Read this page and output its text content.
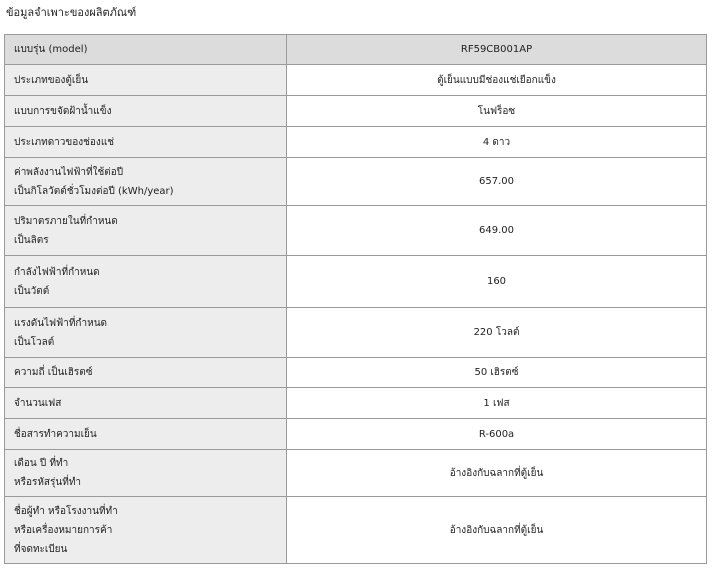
ข้อมูลจำเพาะของผลิตภัณฑ์
แบบรุ่น (model)	RF59CB001AP
ประเภทของตู้เย็น	ตู้เย็นแบบมีช่องแช่เยือกแข็ง
แบบการขจัดฝ้าน้ำแข็ง	โนฟร็อซ
ประเภทดาวของช่องแช่	4 ดาว
ค่าพลังงานไฟฟ้าที่ใช้ต่อปี
เป็นกิโลวัตต์ชั่วโมงต่อปี (kWh/year)	657.00
ปริมาตรภายในที่กำหนด
เป็นลิตร	649.00
กำลังไฟฟ้าที่กำหนด
เป็นวัตต์	160
แรงดันไฟฟ้าที่กำหนด
เป็นโวลต์	220 โวลต์
ความถี่ เป็นเฮิรตซ์	50 เฮิรตซ์
จำนวนเฟส	1 เฟส
ชื่อสารทำความเย็น	R-600a
เดือน ปี ที่ทำ
หรือรหัสรุ่นที่ทำ	อ้างอิงกับฉลากที่ตู้เย็น
ชื่อผู้ทำ หรือโรงงานที่ทำ
หรือเครื่องหมายการค้า
ที่จดทะเบียน	อ้างอิงกับฉลากที่ตู้เย็น
